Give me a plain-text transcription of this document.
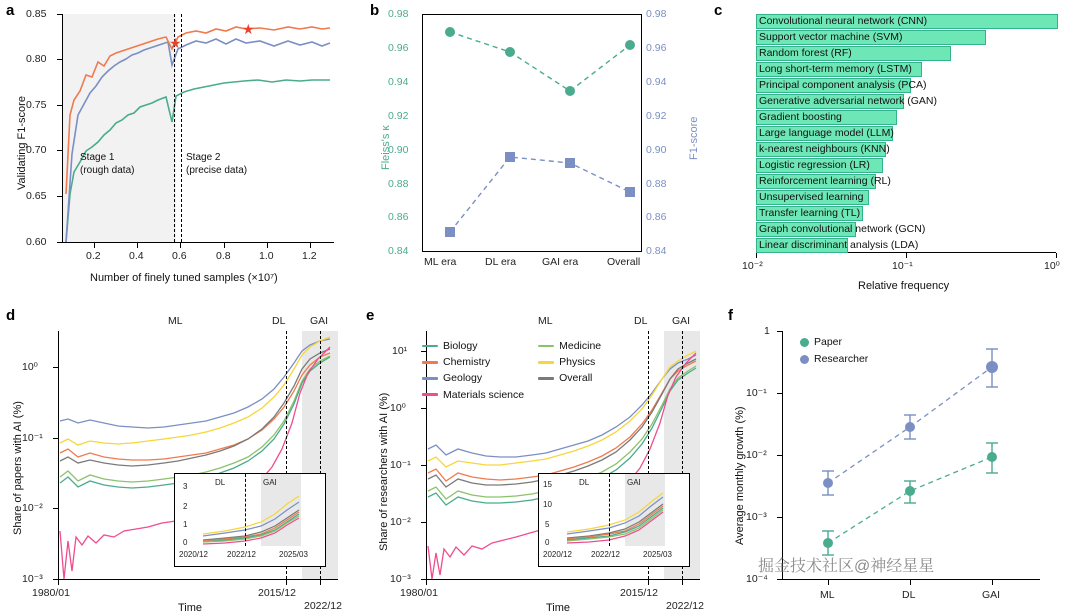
a
★
★
Stage 1
(rough data)
Stage 2
(precise data)
0.60
0.65
0.70
0.75
0.80
0.85
0.2	0.4	0.6	0.8	1.0	1.2
Validating F1-score
Number of finely tuned samples (×10⁷)
b
0.84
0.86
0.88
0.90
0.92
0.94
0.96
0.98
0.84
0.86
0.88
0.90
0.92
0.94
0.96
0.98
ML era	DL era GAI era	Overall
Fleiss's κ	F1-score
c
Convolutional neural network (CNN)
Support vector machine (SVM)
Random forest (RF)
Long short-term memory (LSTM)
Principal component analysis (PCA)
Generative adversarial network (GAN)
Gradient boosting
Large language model (LLM)
k-nearest neighbours (KNN)
Logistic regression (LR)
Reinforcement learning (RL)
Unsupervised learning
Transfer learning (TL)
Graph convolutional network (GCN)
Linear discriminant analysis (LDA)
10⁻²	10⁻¹	10⁰
Relative frequency
d
0
1
2
3
2020/12 2022/12	2025/03
DL	GAI
ML	DL GAI
10⁻³
10⁻²
10⁻¹
10⁰
1980/01	2015/12
2022/12
Share of papers with AI (%)
Time
e
Biology
Chemistry
Geology
Materials science
Medicine
Physics
Overall
0
5
10
15
2020/12 2022/12	2025/03
DL	GAI
ML	DL GAI
10⁻³
10⁻²
10⁻¹
10⁰
10¹
1980/01	2015/12
2022/12
Share of researchers with AI (%)
Time
f
Paper
Researcher
10⁻⁴
10⁻³
10⁻²
10⁻¹
1
ML	DL	GAI
Average monthly growth (%)
掘金技术社区@神经星星
